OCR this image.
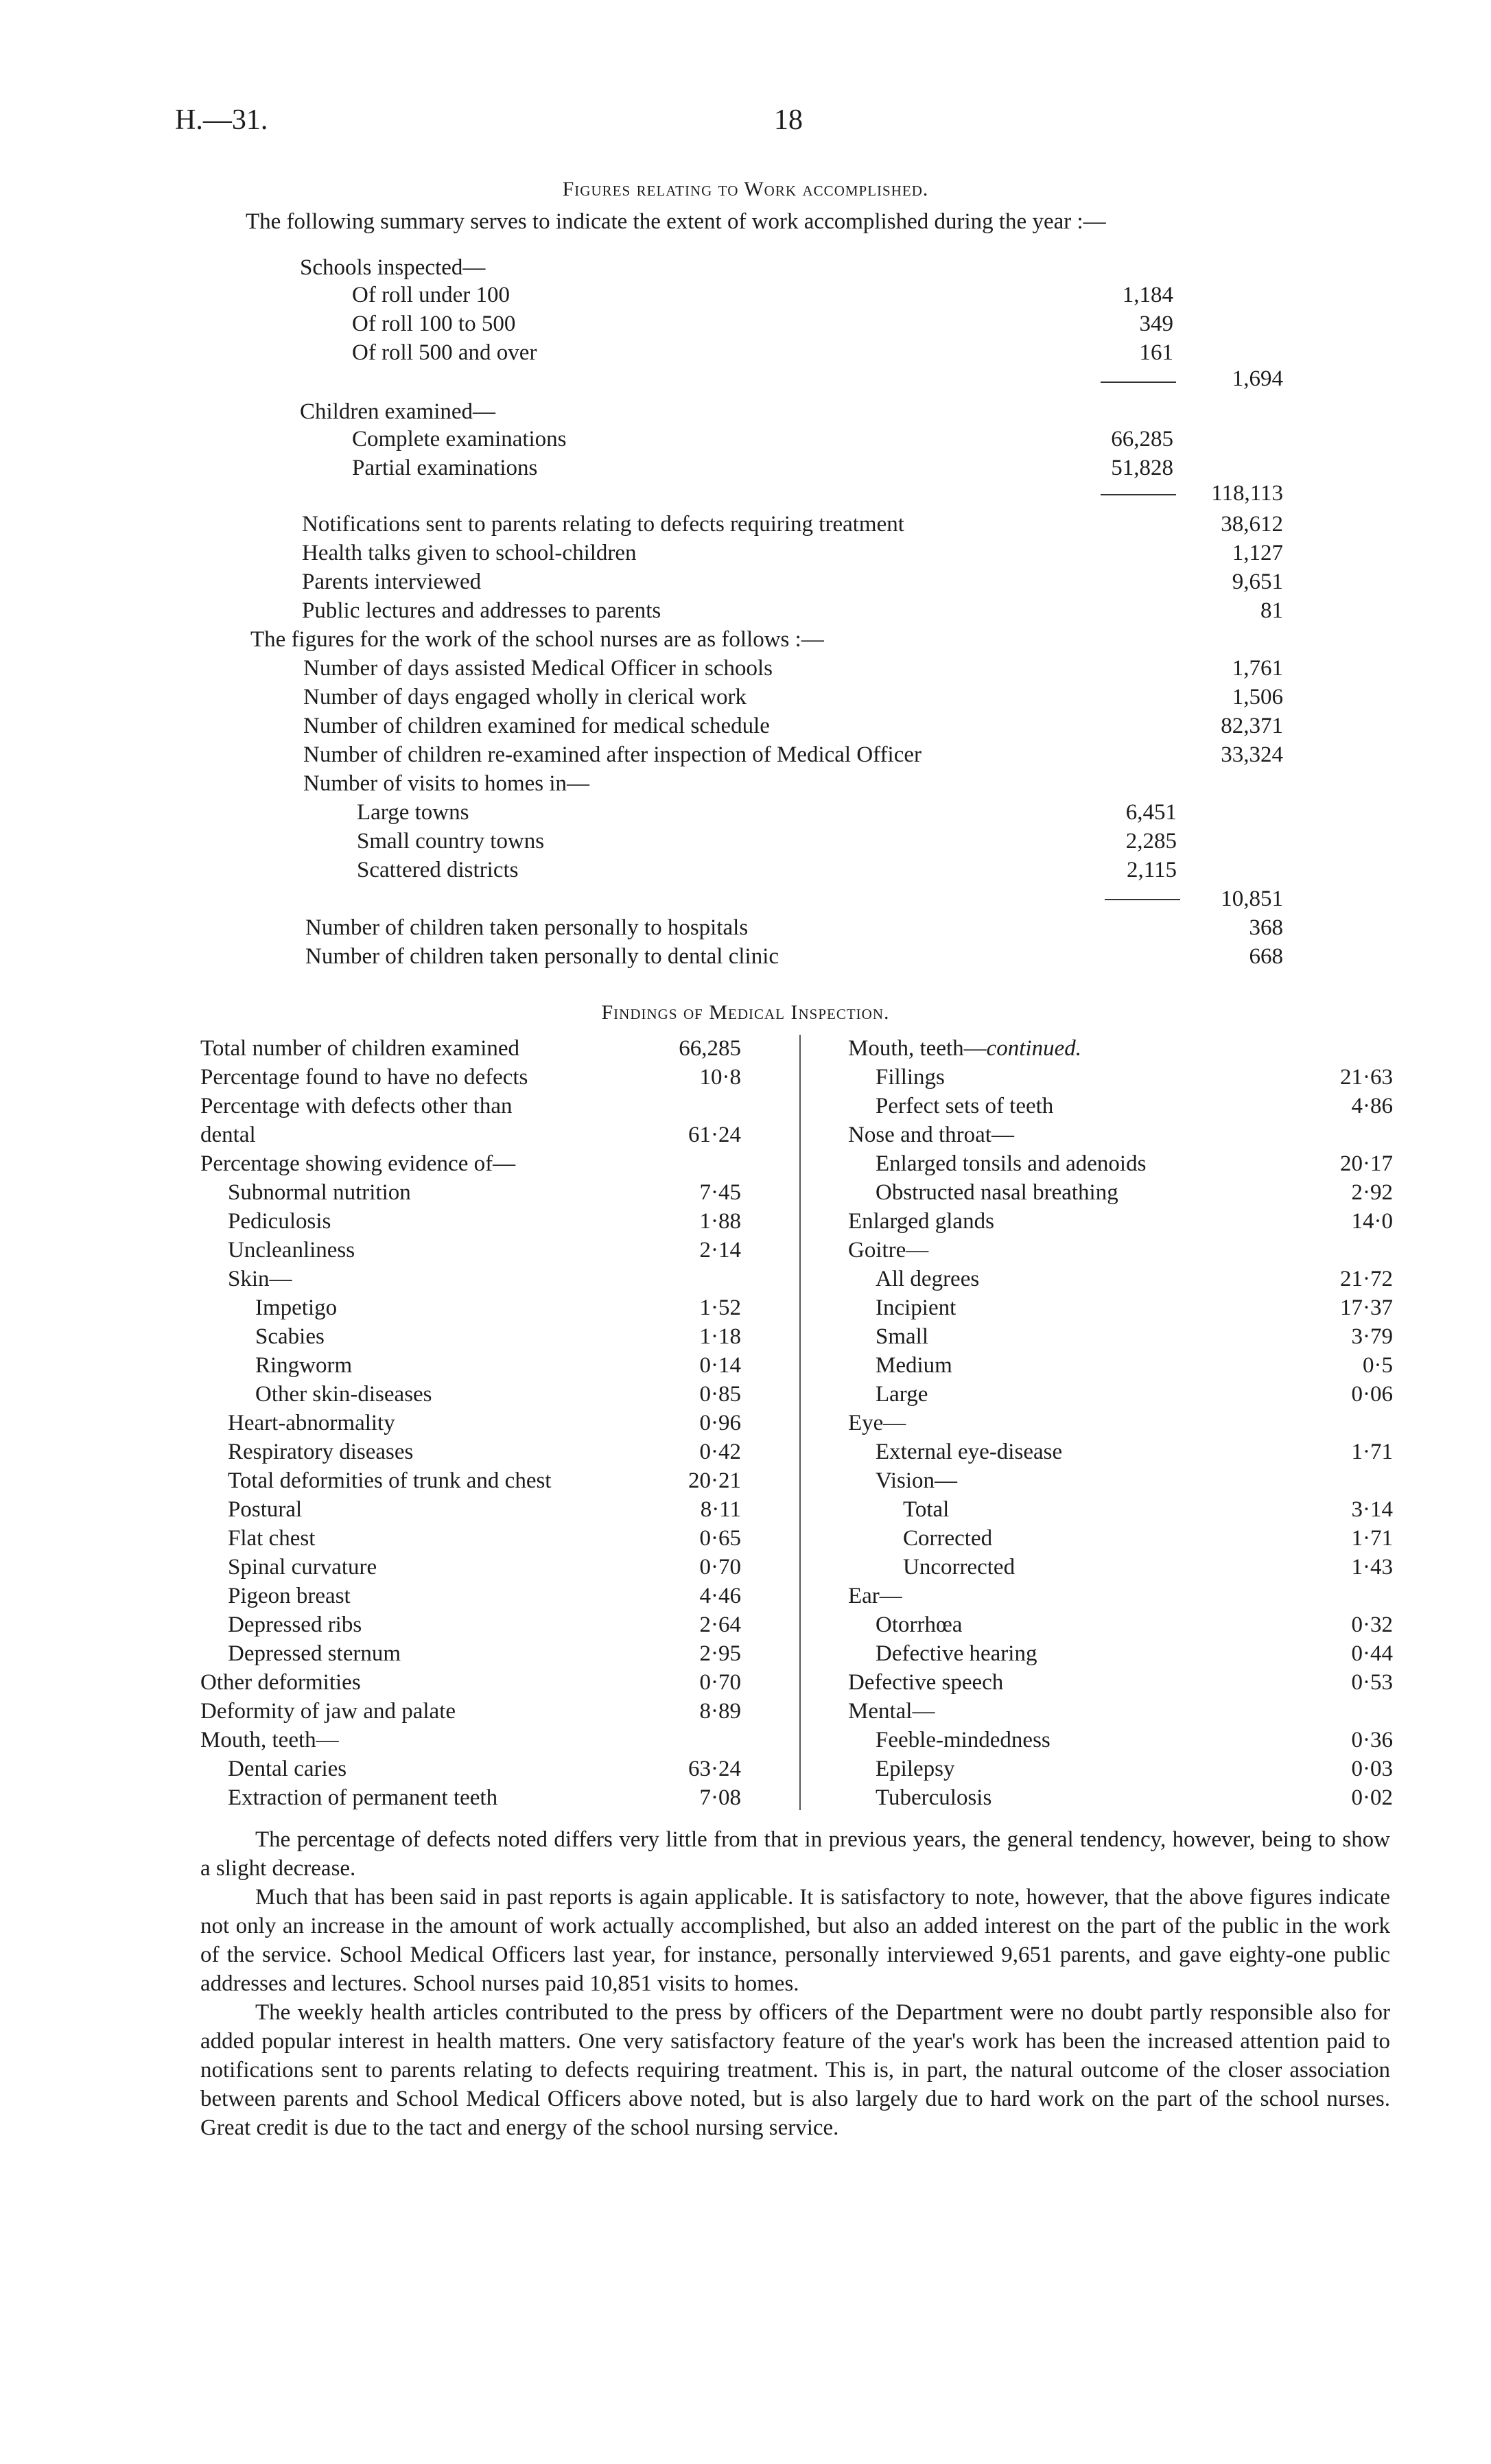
H.—31.	18
Figures relating to Work accomplished.
The following summary serves to indicate the extent of work accomplished during the year :—
Schools inspected—
Of roll under 100	1,184
Of roll 100 to 500	349
Of roll 500 and over	161
1,694
Children examined—
Complete examinations	66,285
Partial examinations	51,828
118,113
Notifications sent to parents relating to defects requiring treatment	38,612
Health talks given to school-children	1,127
Parents interviewed	9,651
Public lectures and addresses to parents	81
The figures for the work of the school nurses are as follows :—
Number of days assisted Medical Officer in schools	1,761
Number of days engaged wholly in clerical work	1,506
Number of children examined for medical schedule	82,371
Number of children re-examined after inspection of Medical Officer	33,324
Number of visits to homes in—
Large towns	6,451
Small country towns	2,285
Scattered districts	2,115
10,851
Number of children taken personally to hospitals	368
Number of children taken personally to dental clinic	668
Findings of Medical Inspection.
Total number of children examined	66,285
Percentage found to have no defects	10·8
Percentage with defects other than
dental	61·24
Percentage showing evidence of—
Subnormal nutrition	7·45
Pediculosis	1·88
Uncleanliness	2·14
Skin—
Impetigo	1·52
Scabies	1·18
Ringworm	0·14
Other skin-diseases	0·85
Heart-abnormality	0·96
Respiratory diseases	0·42
Total deformities of trunk and chest	20·21
Postural	8·11
Flat chest	0·65
Spinal curvature	0·70
Pigeon breast	4·46
Depressed ribs	2·64
Depressed sternum	2·95
Other deformities	0·70
Deformity of jaw and palate	8·89
Mouth, teeth—
Dental caries	63·24
Extraction of permanent teeth	7·08
Mouth, teeth—continued.
Fillings	21·63
Perfect sets of teeth	4·86
Nose and throat—
Enlarged tonsils and adenoids	20·17
Obstructed nasal breathing	2·92
Enlarged glands	14·0
Goitre—
All degrees	21·72
Incipient	17·37
Small	3·79
Medium	0·5
Large	0·06
Eye—
External eye-disease	1·71
Vision—
Total	3·14
Corrected	1·71
Uncorrected	1·43
Ear—
Otorrhœa	0·32
Defective hearing	0·44
Defective speech	0·53
Mental—
Feeble-mindedness	0·36
Epilepsy	0·03
Tuberculosis	0·02

The percentage of defects noted differs very little from that in previous years, the general tendency, however, being to show a slight decrease.

Much that has been said in past reports is again applicable. It is satisfactory to note, however, that the above figures indicate not only an increase in the amount of work actually accomplished, but also an added interest on the part of the public in the work of the service. School Medical Officers last year, for instance, personally interviewed 9,651 parents, and gave eighty-one public addresses and lectures. School nurses paid 10,851 visits to homes.

The weekly health articles contributed to the press by officers of the Department were no doubt partly responsible also for added popular interest in health matters. One very satisfactory feature of the year's work has been the increased attention paid to notifications sent to parents relating to defects requiring treatment. This is, in part, the natural outcome of the closer association between parents and School Medical Officers above noted, but is also largely due to hard work on the part of the school nurses. Great credit is due to the tact and energy of the school nursing service.
